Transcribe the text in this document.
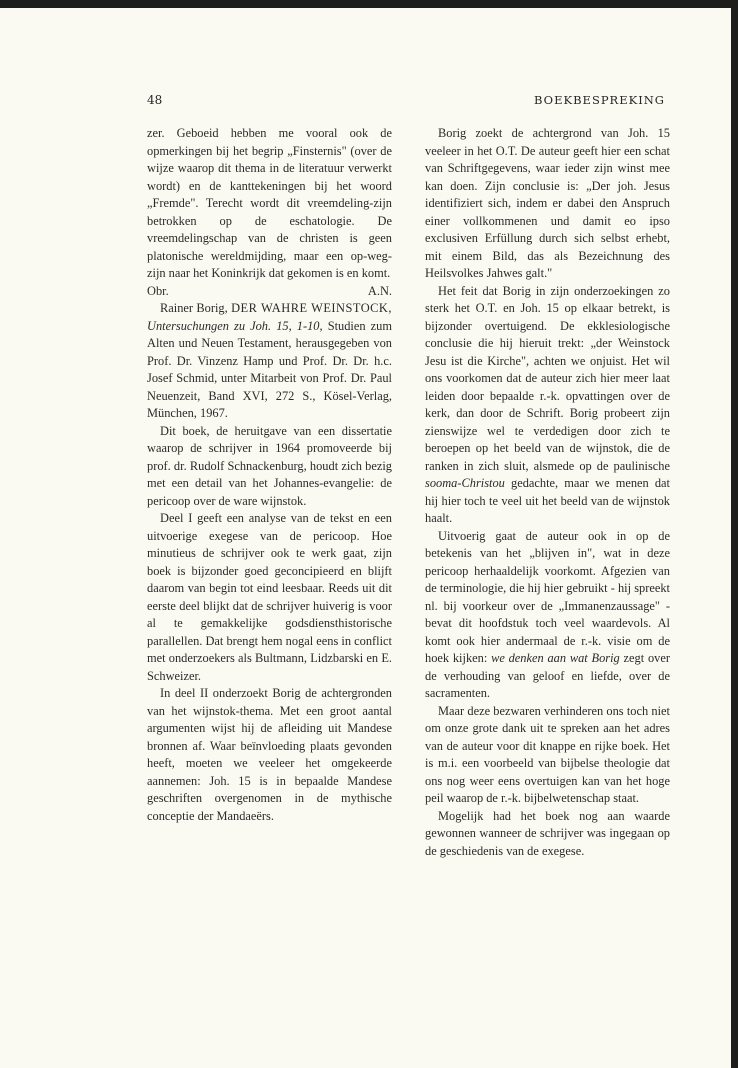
48	BOEKBESPREKING

zer. Geboeid hebben me vooral ook de opmerkingen bij het begrip „Finsternis" (over de wijze waarop dit thema in de literatuur verwerkt wordt) en de kanttekeningen bij het woord „Fremde". Terecht wordt dit vreemdeling-zijn betrokken op de eschatologie. De vreemdelingschap van de christen is geen platonische wereldmijding, maar een op-weg-zijn naar het Koninkrijk dat gekomen is en komt.

Obr.	A.N.

Rainer Borig, DER WAHRE WEINSTOCK, Untersuchungen zu Joh. 15, 1-10, Studien zum Alten und Neuen Testament, herausgegeben von Prof. Dr. Vinzenz Hamp und Prof. Dr. Dr. h.c. Josef Schmid, unter Mitarbeit von Prof. Dr. Paul Neuenzeit, Band XVI, 272 S., Kösel-Verlag, München, 1967.

Dit boek, de heruitgave van een dissertatie waarop de schrijver in 1964 promoveerde bij prof. dr. Rudolf Schnackenburg, houdt zich bezig met een detail van het Johannes-evangelie: de pericoop over de ware wijnstok.

Deel I geeft een analyse van de tekst en een uitvoerige exegese van de pericoop. Hoe minutieus de schrijver ook te werk gaat, zijn boek is bijzonder goed geconcipieerd en blijft daarom van begin tot eind leesbaar. Reeds uit dit eerste deel blijkt dat de schrijver huiverig is voor al te gemakkelijke godsdiensthistorische parallellen. Dat brengt hem nogal eens in conflict met onderzoekers als Bultmann, Lidzbarski en E. Schweizer.

In deel II onderzoekt Borig de achtergronden van het wijnstok-thema. Met een groot aantal argumenten wijst hij de afleiding uit Mandese bronnen af. Waar beïnvloeding plaats gevonden heeft, moeten we veeleer het omgekeerde aannemen: Joh. 15 is in bepaalde Mandese geschriften overgenomen in de mythische conceptie der Mandaeërs.

Borig zoekt de achtergrond van Joh. 15 veeleer in het O.T. De auteur geeft hier een schat van Schriftgegevens, waar ieder zijn winst mee kan doen. Zijn conclusie is: „Der joh. Jesus identifiziert sich, indem er dabei den Anspruch einer vollkommenen und damit eo ipso exclusiven Erfüllung durch sich selbst erhebt, mit einem Bild, das als Bezeichnung des Heilsvolkes Jahwes galt."

Het feit dat Borig in zijn onderzoekingen zo sterk het O.T. en Joh. 15 op elkaar betrekt, is bijzonder overtuigend. De ekklesiologische conclusie die hij hieruit trekt: „der Weinstock Jesu ist die Kirche", achten we onjuist. Het wil ons voorkomen dat de auteur zich hier meer laat leiden door bepaalde r.-k. opvattingen over de kerk, dan door de Schrift. Borig probeert zijn zienswijze wel te verdedigen door zich te beroepen op het beeld van de wijnstok, die de ranken in zich sluit, alsmede op de paulinische sooma-Christou gedachte, maar we menen dat hij hier toch te veel uit het beeld van de wijnstok haalt.

Uitvoerig gaat de auteur ook in op de betekenis van het „blijven in", wat in deze pericoop herhaaldelijk voorkomt. Afgezien van de terminologie, die hij hier gebruikt - hij spreekt nl. bij voorkeur over de „Immanenzaussage" - bevat dit hoofdstuk toch veel waardevols. Al komt ook hier andermaal de r.-k. visie om de hoek kijken: we denken aan wat Borig zegt over de verhouding van geloof en liefde, over de sacramenten.

Maar deze bezwaren verhinderen ons toch niet om onze grote dank uit te spreken aan het adres van de auteur voor dit knappe en rijke boek. Het is m.i. een voorbeeld van bijbelse theologie dat ons nog weer eens overtuigen kan van het hoge peil waarop de r.-k. bijbelwetenschap staat.

Mogelijk had het boek nog aan waarde gewonnen wanneer de schrijver was ingegaan op de geschiedenis van de exegese.
